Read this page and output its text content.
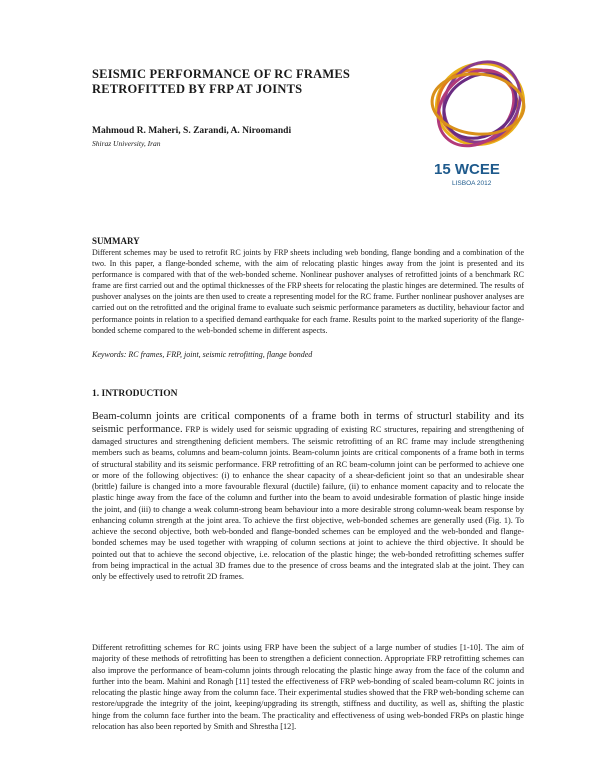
SEISMIC PERFORMANCE OF RC FRAMES
RETROFITTED BY FRP AT JOINTS
Mahmoud R. Maheri, S. Zarandi, A. Niroomandi
Shiraz University, Iran
15 WCEE
LISBOA 2012
SUMMARY
Different schemes may be used to retrofit RC joints by FRP sheets including web bonding, flange bonding and a combination of the two. In this paper, a flange-bonded scheme, with the aim of relocating plastic hinges away from the joint is presented and its performance is compared with that of the web-bonded scheme. Nonlinear pushover analyses of retrofitted joints of a benchmark RC frame are first carried out and the optimal thicknesses of the FRP sheets for relocating the plastic hinges are determined. The results of pushover analyses on the joints are then used to create a representing model for the RC frame. Further nonlinear pushover analyses are carried out on the retrofitted and the original frame to evaluate such seismic performance parameters as ductility, behaviour factor and performance points in relation to a specified demand earthquake for each frame. Results point to the marked superiority of the flange-bonded scheme compared to the web-bonded scheme in different aspects.
Keywords: RC frames, FRP, joint, seismic retrofitting, flange bonded
1. INTRODUCTION
Beam-column joints are critical components of a frame both in terms of structurl stability and its seismic performance. FRP is widely used for seismic upgrading of existing RC structures, repairing and strengthening of damaged structures and strengthening deficient members. The seismic retrofitting of an RC frame may include strengthening members such as beams, columns and beam-column joints. Beam-column joints are critical components of a frame both in terms of structural stability and its seismic performance. FRP retrofitting of an RC beam-column joint can be performed to achieve one or more of the following objectives: (i) to enhance the shear capacity of a shear-deficient joint so that an undesirable shear (brittle) failure is changed into a more favourable flexural (ductile) failure, (ii) to enhance moment capacity and to relocate the plastic hinge away from the face of the column and further into the beam to avoid undesirable formation of plastic hinge inside the joint, and (iii) to change a weak column-strong beam behaviour into a more desirable strong column-weak beam response by enhancing column strength at the joint area. To achieve the first objective, web-bonded schemes are generally used (Fig. 1). To achieve the second objective, both web-bonded and flange-bonded schemes can be employed and the web-bonded and flange-bonded schemes may be used together with wrapping of column sections at joint to achieve the third objective. It should be pointed out that to achieve the second objective, i.e. relocation of the plastic hinge; the web-bonded retrofitting schemes suffer from being impractical in the actual 3D frames due to the presence of cross beams and the integrated slab at the joint. They can only be effectively used to retrofit 2D frames.
Different retrofitting schemes for RC joints using FRP have been the subject of a large number of studies [1-10]. The aim of majority of these methods of retrofitting has been to strengthen a deficient connection. Appropriate FRP retrofitting schemes can also improve the performance of beam-column joints through relocating the plastic hinge away from the face of the column and further into the beam. Mahini and Ronagh [11] tested the effectiveness of FRP web-bonding of scaled beam-column RC joints in relocating the plastic hinge away from the column face. Their experimental studies showed that the FRP web-bonding scheme can restore/upgrade the integrity of the joint, keeping/upgrading its strength, stiffness and ductility, as well as, shifting the plastic hinge from the column face further into the beam. The practicality and effectiveness of using web-bonded FRPs on plastic hinge relocation has also been reported by Smith and Shrestha [12].
